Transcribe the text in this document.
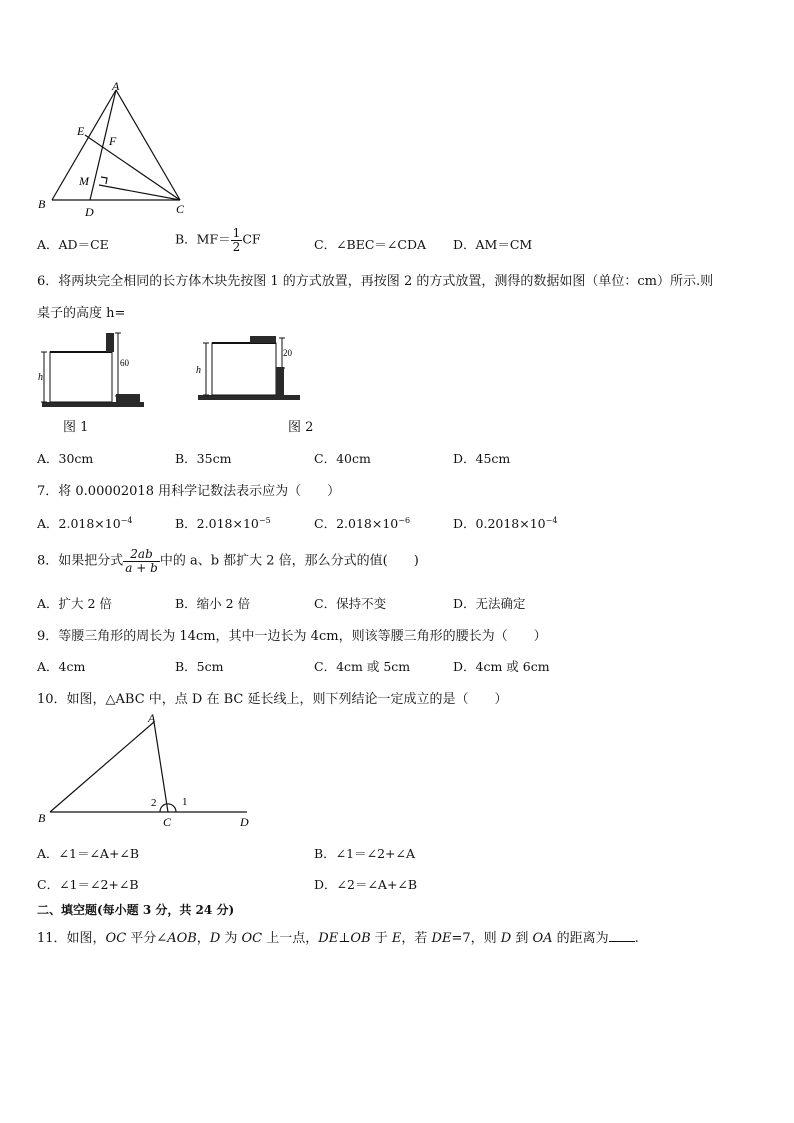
A
E
F
M
B
D	C
A．AD＝CE	B．$MF= \frac{1}{2}$ CF	C．∠BEC＝∠CDA D．AM＝CM
6．将两块完全相同的长方体木块先按图 1 的方式放置，再按图 2 的方式放置，测得的数据如图（单位：cm）所示.则
桌子的高度 h=
h
60
h
20
图 1	图 2
A．30cm	B．35cm	C．40cm	D．45cm
7．将 0.00002018 用科学记数法表示应为（　　）
A．$2.018\times 10^{-4}$	B．$2.018\times 10^{-5}$	C．$2.018\times 10^{-6}$	D．$0.2018\times 10^{-4}$
8．如果把分式 $\frac{2ab}{a + b}$ 中的 a、b 都扩大 2 倍，那么分式的值(　　)
A．扩大 2 倍	B．缩小 2 倍	C．保持不变	D．无法确定
9．等腰三角形的周长为 14cm，其中一边长为 4cm，则该等腰三角形的腰长为（　　）
A．4cm	B．5cm	C．4cm 或 5cm	D．4cm 或 6cm
10．如图，△ABC 中，点 D 在 BC 延长线上，则下列结论一定成立的是（　　）
A
B	C	D
2 1
A．∠1＝∠A+∠B	B．∠1＝∠2+∠A
C．∠1＝∠2+∠B	D．∠2＝∠A+∠B
二、填空题(每小题 3 分，共 24 分)
11．如图，OC 平分∠AOB，D 为 OC 上一点，DE⊥OB 于 E，若 DE=7，则 D 到 OA 的距离为 .
